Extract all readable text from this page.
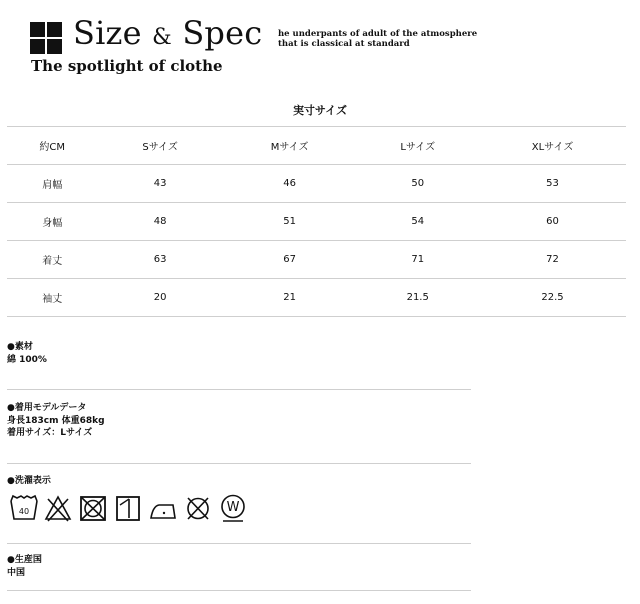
Size & Spec
The spotlight of clothe
he underpants of adult of the atmosphere
that is classical at standard
実寸サイズ
約CM	Sサイズ	Mサイズ	Lサイズ	XLサイズ
肩幅	43	46	50	53
身幅	48	51	54	60
着丈	63	67	71	72
袖丈	20	21	21.5	22.5
●素材
綿 100%
●着用モデルデータ
身長183cm 体重68kg
着用サイズ：Lサイズ
●洗濯表示
40	W
●生産国
中国
